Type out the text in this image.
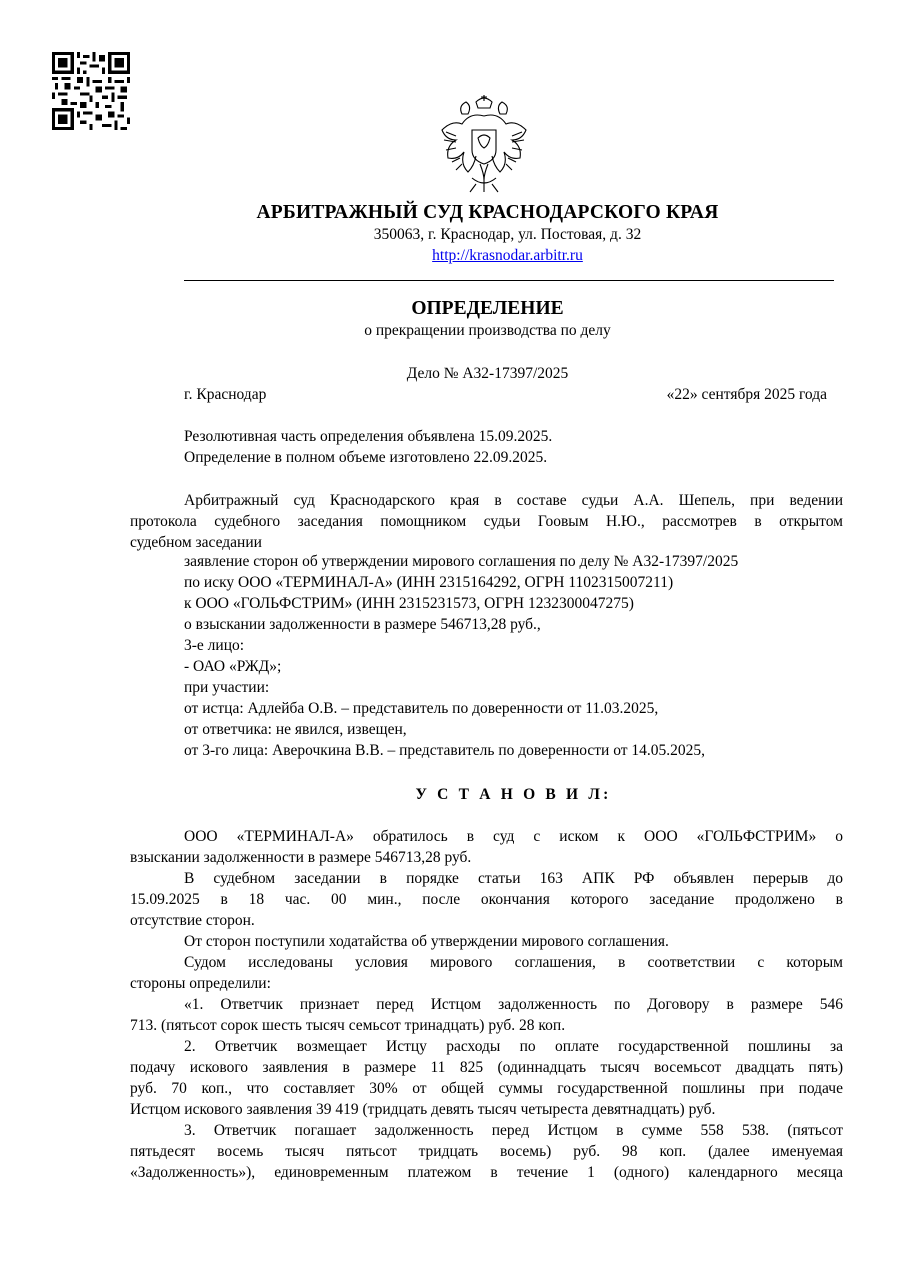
АРБИТРАЖНЫЙ СУД КРАСНОДАРСКОГО КРАЯ
350063, г. Краснодар, ул. Постовая, д. 32
http://krasnodar.arbitr.ru
ОПРЕДЕЛЕНИЕ
о прекращении производства по делу
Дело № А32-17397/2025
г. Краснодар	«22» сентября 2025 года
Резолютивная часть определения объявлена 15.09.2025.
Определение в полном объеме изготовлено 22.09.2025.
Арбитражный суд Краснодарского края в составе судьи А.А. Шепель, при ведении
протокола судебного заседания помощником судьи Гоовым Н.Ю., рассмотрев в открытом
судебном заседании
заявление сторон об утверждении мирового соглашения по делу № А32-17397/2025
по иску ООО «ТЕРМИНАЛ-А» (ИНН 2315164292, ОГРН 1102315007211)
к ООО «ГОЛЬФСТРИМ» (ИНН 2315231573, ОГРН 1232300047275)
о взыскании задолженности в размере 546713,28 руб.,
3-е лицо:
- ОАО «РЖД»;
при участии:
от истца: Адлейба О.В. – представитель по доверенности от 11.03.2025,
от ответчика: не явился, извещен,
от 3-го лица: Аверочкина В.В. – представитель по доверенности от 14.05.2025,
У С Т А Н О В И Л:
ООО «ТЕРМИНАЛ-А» обратилось в суд с иском к ООО «ГОЛЬФСТРИМ» о
взыскании задолженности в размере 546713,28 руб.
В судебном заседании в порядке статьи 163 АПК РФ объявлен перерыв до
15.09.2025 в 18 час. 00 мин., после окончания которого заседание продолжено в
отсутствие сторон.
От сторон поступили ходатайства об утверждении мирового соглашения.
Судом исследованы условия мирового соглашения, в соответствии с которым
стороны определили:
«1. Ответчик признает перед Истцом задолженность по Договору в размере 546
713. (пятьсот сорок шесть тысяч семьсот тринадцать) руб. 28 коп.
2. Ответчик возмещает Истцу расходы по оплате государственной пошлины за
подачу искового заявления в размере 11 825 (одиннадцать тысяч восемьсот двадцать пять)
руб. 70 коп., что составляет 30% от общей суммы государственной пошлины при подаче
Истцом искового заявления 39 419 (тридцать девять тысяч четыреста девятнадцать) руб.
3. Ответчик погашает задолженность перед Истцом в сумме 558 538. (пятьсот
пятьдесят восемь тысяч пятьсот тридцать восемь) руб. 98 коп. (далее именуемая
«Задолженность»), единовременным платежом в течение 1 (одного) календарного месяца
